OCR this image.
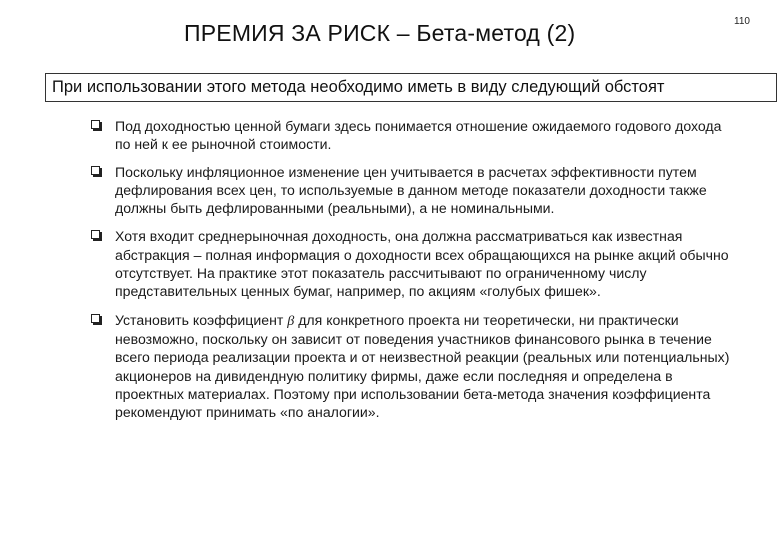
ПРЕМИЯ ЗА РИСК – Бета-метод (2)	110
При использовании этого метода необходимо иметь в виду следующий обстоят
Под доходностью ценной бумаги здесь понимается отношение ожидаемого годового дохода по ней к ее рыночной стоимости.
Поскольку инфляционное изменение цен учитывается в расчетах эффективности путем дефлирования всех цен, то используемые в данном методе показатели доходности также должны быть дефлированными (реальными), а не номинальными.
Хотя входит среднерыночная доходность, она должна рассматриваться как известная абстракция – полная информация о доходности всех обращающихся на рынке акций обычно отсутствует. На практике этот показатель рассчитывают по ограниченному числу представительных ценных бумаг, например, по акциям «голубых фишек».
Установить коэффициент β для конкретного проекта ни теоретически, ни практически невозможно, поскольку он зависит от поведения участников финансового рынка в течение всего периода реализации проекта и от неизвестной реакции (реальных или потенциальных) акционеров на дивидендную политику фирмы, даже если последняя и определена в проектных материалах. Поэтому при использовании бета-метода значения коэффициента рекомендуют принимать «по аналогии».
